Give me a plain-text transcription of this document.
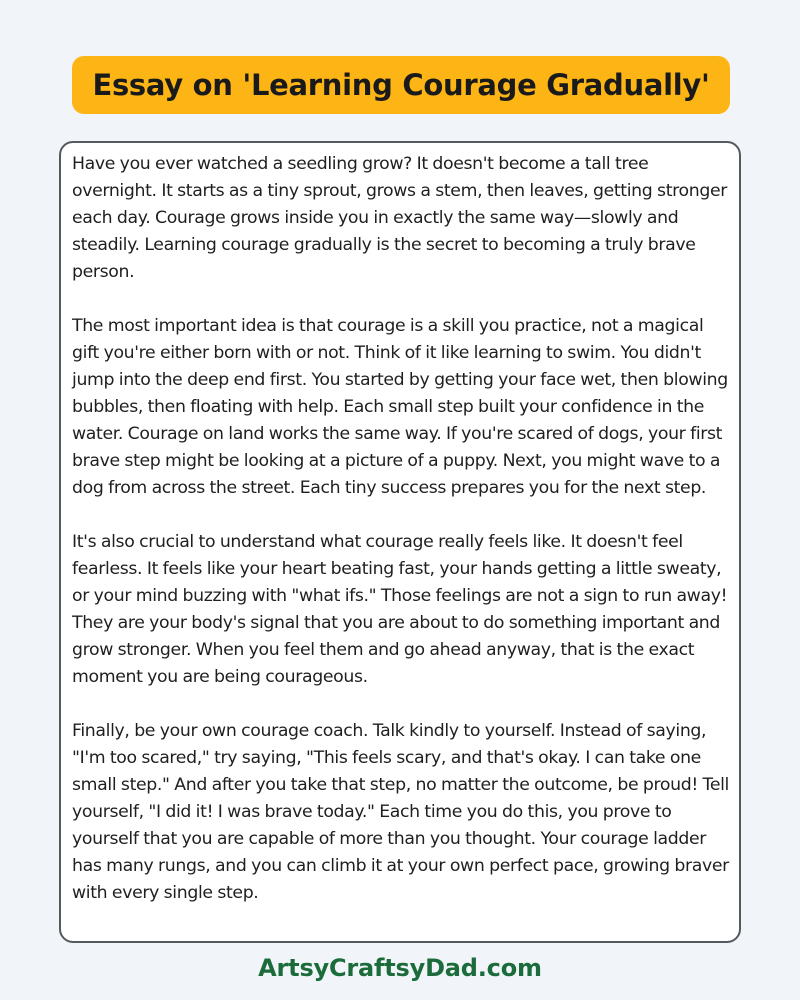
Essay on 'Learning Courage Gradually'

Have you ever watched a seedling grow? It doesn't become a tall tree overnight. It starts as a tiny sprout, grows a stem, then leaves, getting stronger each day. Courage grows inside you in exactly the same way—slowly and steadily. Learning courage gradually is the secret to becoming a truly brave person.

The most important idea is that courage is a skill you practice, not a magical gift you're either born with or not. Think of it like learning to swim. You didn't jump into the deep end first. You started by getting your face wet, then blowing bubbles, then floating with help. Each small step built your confidence in the water. Courage on land works the same way. If you're scared of dogs, your first brave step might be looking at a picture of a puppy. Next, you might wave to a dog from across the street. Each tiny success prepares you for the next step.

It's also crucial to understand what courage really feels like. It doesn't feel fearless. It feels like your heart beating fast, your hands getting a little sweaty, or your mind buzzing with "what ifs." Those feelings are not a sign to run away! They are your body's signal that you are about to do something important and grow stronger. When you feel them and go ahead anyway, that is the exact moment you are being courageous.

Finally, be your own courage coach. Talk kindly to yourself. Instead of saying, "I'm too scared," try saying, "This feels scary, and that's okay. I can take one small step." And after you take that step, no matter the outcome, be proud! Tell yourself, "I did it! I was brave today." Each time you do this, you prove to yourself that you are capable of more than you thought. Your courage ladder has many rungs, and you can climb it at your own perfect pace, growing braver with every single step.

ArtsyCraftsyDad.com
